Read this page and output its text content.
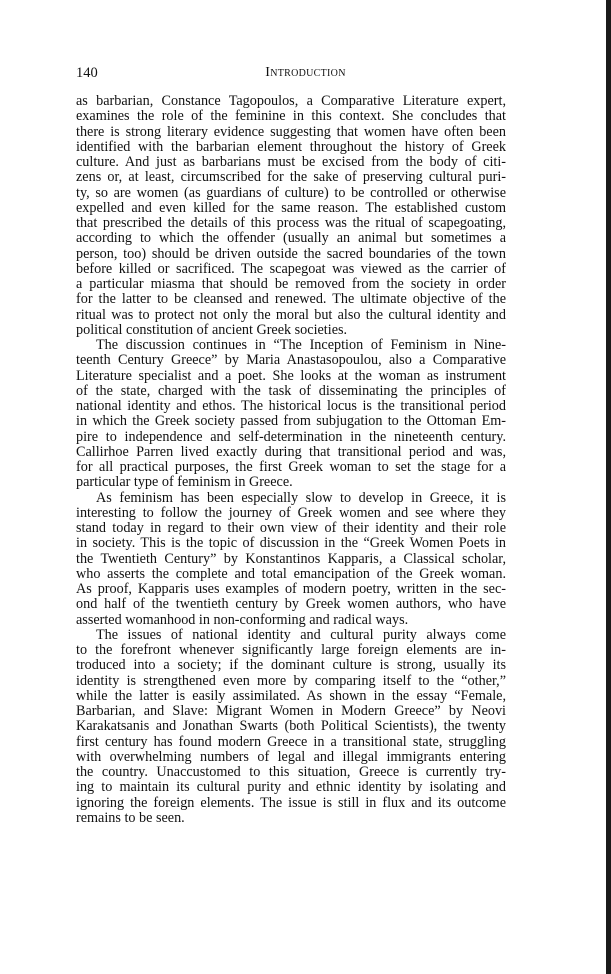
140	Introduction
as barbarian, Constance Tagopoulos, a Comparative Literature expert,
examines the role of the feminine in this context. She concludes that
there is strong literary evidence suggesting that women have often been
identified with the barbarian element throughout the history of Greek
culture. And just as barbarians must be excised from the body of citi-
zens or, at least, circumscribed for the sake of preserving cultural puri-
ty, so are women (as guardians of culture) to be controlled or otherwise
expelled and even killed for the same reason. The established custom
that prescribed the details of this process was the ritual of scapegoating,
according to which the offender (usually an animal but sometimes a
person, too) should be driven outside the sacred boundaries of the town
before killed or sacrificed. The scapegoat was viewed as the carrier of
a particular miasma that should be removed from the society in order
for the latter to be cleansed and renewed. The ultimate objective of the
ritual was to protect not only the moral but also the cultural identity and
political constitution of ancient Greek societies.
The discussion continues in “The Inception of Feminism in Nine-
teenth Century Greece” by Maria Anastasopoulou, also a Comparative
Literature specialist and a poet. She looks at the woman as instrument
of the state, charged with the task of disseminating the principles of
national identity and ethos. The historical locus is the transitional period
in which the Greek society passed from subjugation to the Ottoman Em-
pire to independence and self-determination in the nineteenth century.
Callirhoe Parren lived exactly during that transitional period and was,
for all practical purposes, the first Greek woman to set the stage for a
particular type of feminism in Greece.
As feminism has been especially slow to develop in Greece, it is
interesting to follow the journey of Greek women and see where they
stand today in regard to their own view of their identity and their role
in society. This is the topic of discussion in the “Greek Women Poets in
the Twentieth Century” by Konstantinos Kapparis, a Classical scholar,
who asserts the complete and total emancipation of the Greek woman.
As proof, Kapparis uses examples of modern poetry, written in the sec-
ond half of the twentieth century by Greek women authors, who have
asserted womanhood in non-conforming and radical ways.
The issues of national identity and cultural purity always come
to the forefront whenever significantly large foreign elements are in-
troduced into a society; if the dominant culture is strong, usually its
identity is strengthened even more by comparing itself to the “other,”
while the latter is easily assimilated. As shown in the essay “Female,
Barbarian, and Slave: Migrant Women in Modern Greece” by Neovi
Karakatsanis and Jonathan Swarts (both Political Scientists), the twenty
first century has found modern Greece in a transitional state, struggling
with overwhelming numbers of legal and illegal immigrants entering
the country. Unaccustomed to this situation, Greece is currently try-
ing to maintain its cultural purity and ethnic identity by isolating and
ignoring the foreign elements. The issue is still in flux and its outcome
remains to be seen.
